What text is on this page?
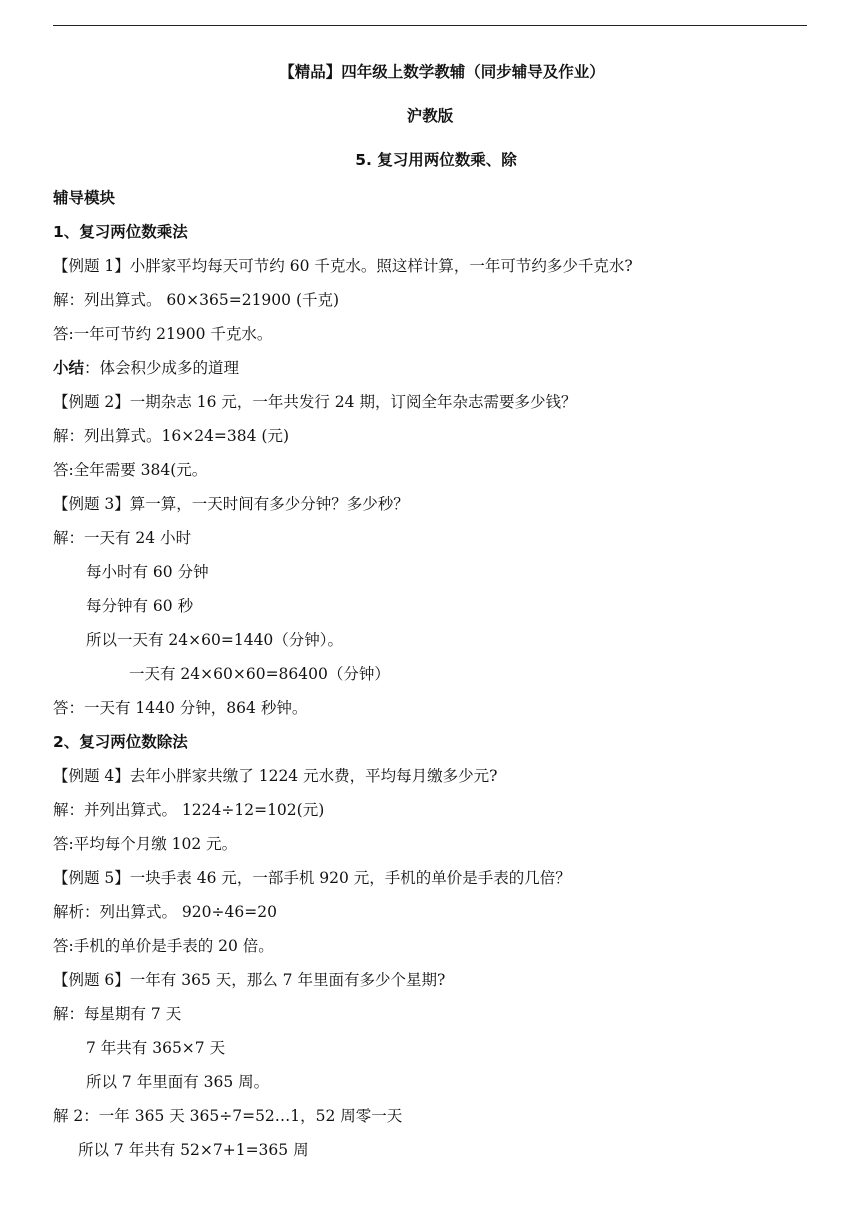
【精品】四年级上数学教辅（同步辅导及作业）
沪教版
5. 复习用两位数乘、除
辅导模块
1、复习两位数乘法
【例题 1】小胖家平均每天可节约 60 千克水。照这样计算，一年可节约多少千克水?
解：列出算式。 60×365=21900 (千克)
答:一年可节约 21900 千克水。
小结：体会积少成多的道理
【例题 2】一期杂志 16 元，一年共发行 24 期，订阅全年杂志需要多少钱？
解：列出算式。16×24=384 (元)
答:全年需要 384(元。
【例题 3】算一算，一天时间有多少分钟？多少秒？
解：一天有 24 小时
每小时有 60 分钟
每分钟有 60 秒
所以一天有 24×60=1440（分钟）。
一天有 24×60×60=86400（分钟）
答：一天有 1440 分钟，864 秒钟。
2、复习两位数除法
【例题 4】去年小胖家共缴了 1224 元水费，平均每月缴多少元?
解：并列出算式。 1224÷12=102(元)
答:平均每个月缴 102 元。
【例题 5】一块手表 46 元，一部手机 920 元，手机的单价是手表的几倍？
解析：列出算式。 920÷46=20
答:手机的单价是手表的 20 倍。
【例题 6】一年有 365 天，那么 7 年里面有多少个星期?
解：每星期有 7 天
7 年共有 365×7 天
所以 7 年里面有 365 周。
解 2：一年 365 天 365÷7=52…1，52 周零一天
所以 7 年共有 52×7+1=365 周
